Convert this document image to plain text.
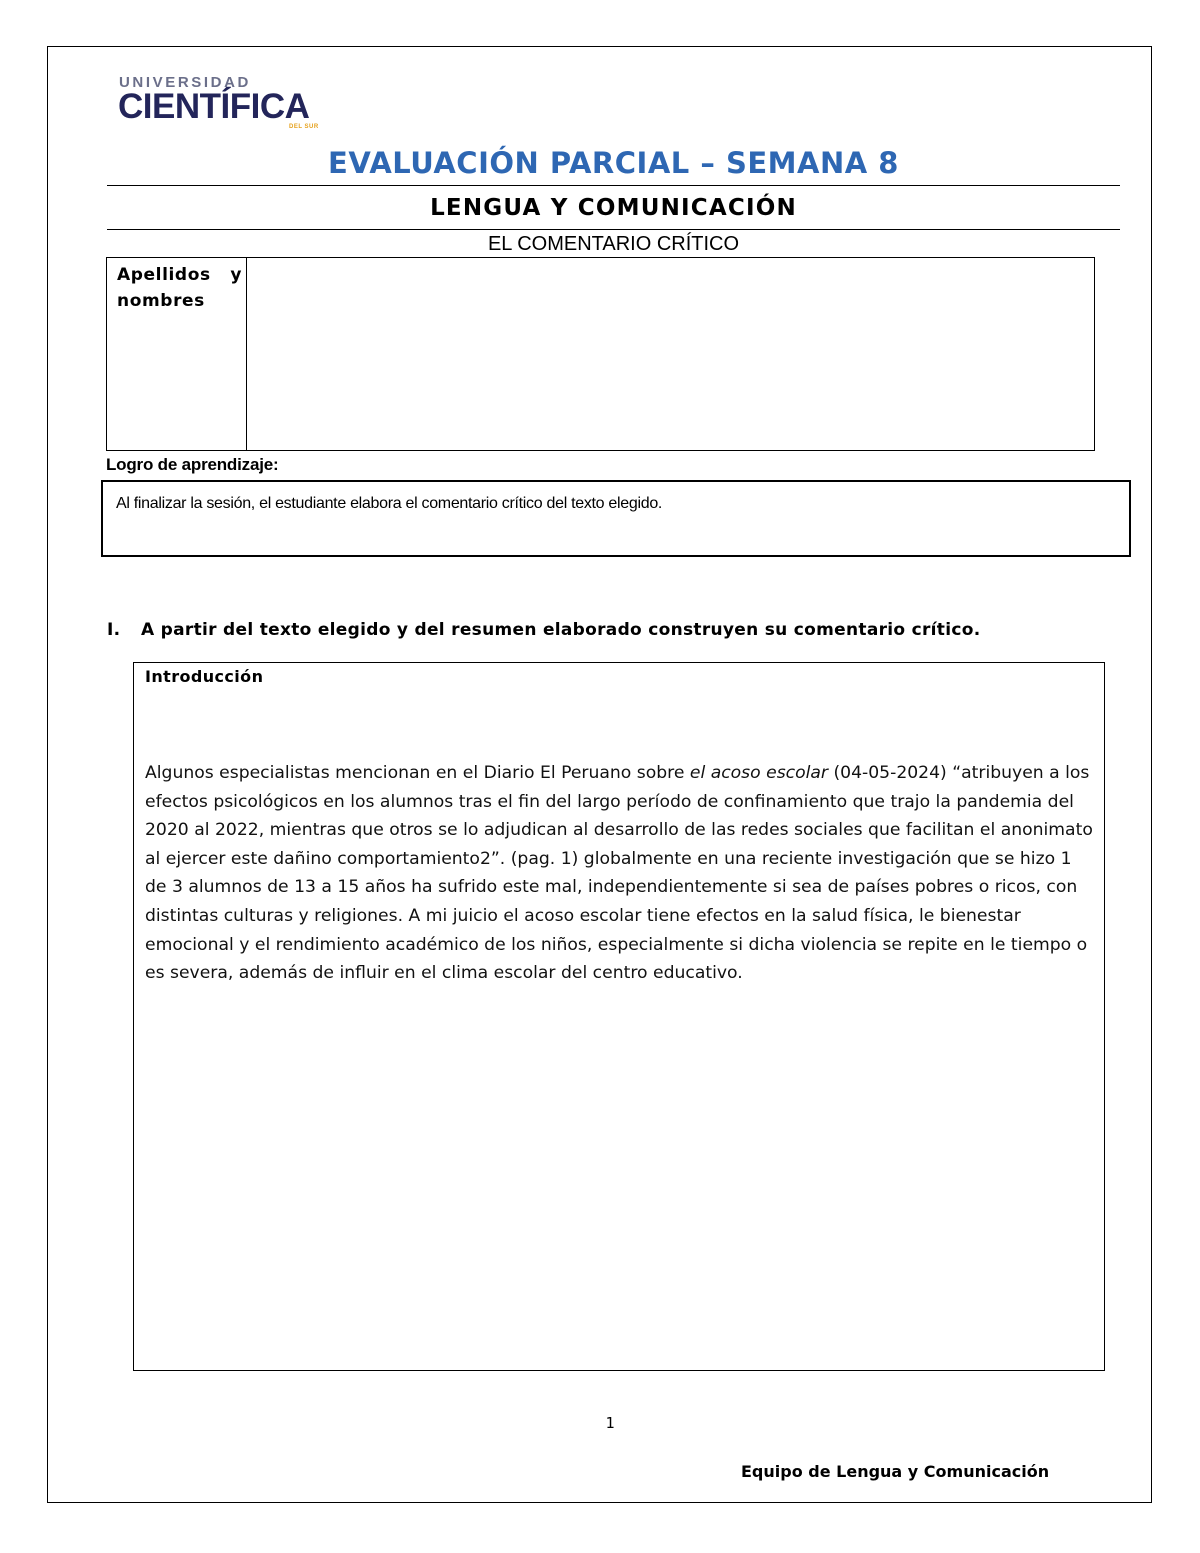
UNIVERSIDAD
CIENTÍFICA
DEL SUR
EVALUACIÓN PARCIAL – SEMANA 8
LENGUA Y COMUNICACIÓN
EL COMENTARIO CRÍTICO
Apellidos y nombres
Logro de aprendizaje:
Al finalizar la sesión, el estudiante elabora el comentario crítico del texto elegido.
I. A partir del texto elegido y del resumen elaborado construyen su comentario crítico.
Introducción
Algunos especialistas mencionan en el Diario El Peruano sobre el acoso escolar (04-05-2024) “atribuyen a los efectos psicológicos en los alumnos tras el fin del largo período de confinamiento que trajo la pandemia del 2020 al 2022, mientras que otros se lo adjudican al desarrollo de las redes sociales que facilitan el anonimato al ejercer este dañino comportamiento2”. (pag. 1) globalmente en una reciente investigación que se hizo 1 de 3 alumnos de 13 a 15 años ha sufrido este mal, independientemente si sea de países pobres o ricos, con distintas culturas y religiones. A mi juicio el acoso escolar tiene efectos en la salud física, le bienestar emocional y el rendimiento académico de los niños, especialmente si dicha violencia se repite en le tiempo o es severa, además de influir en el clima escolar del centro educativo.
1
Equipo de Lengua y Comunicación
